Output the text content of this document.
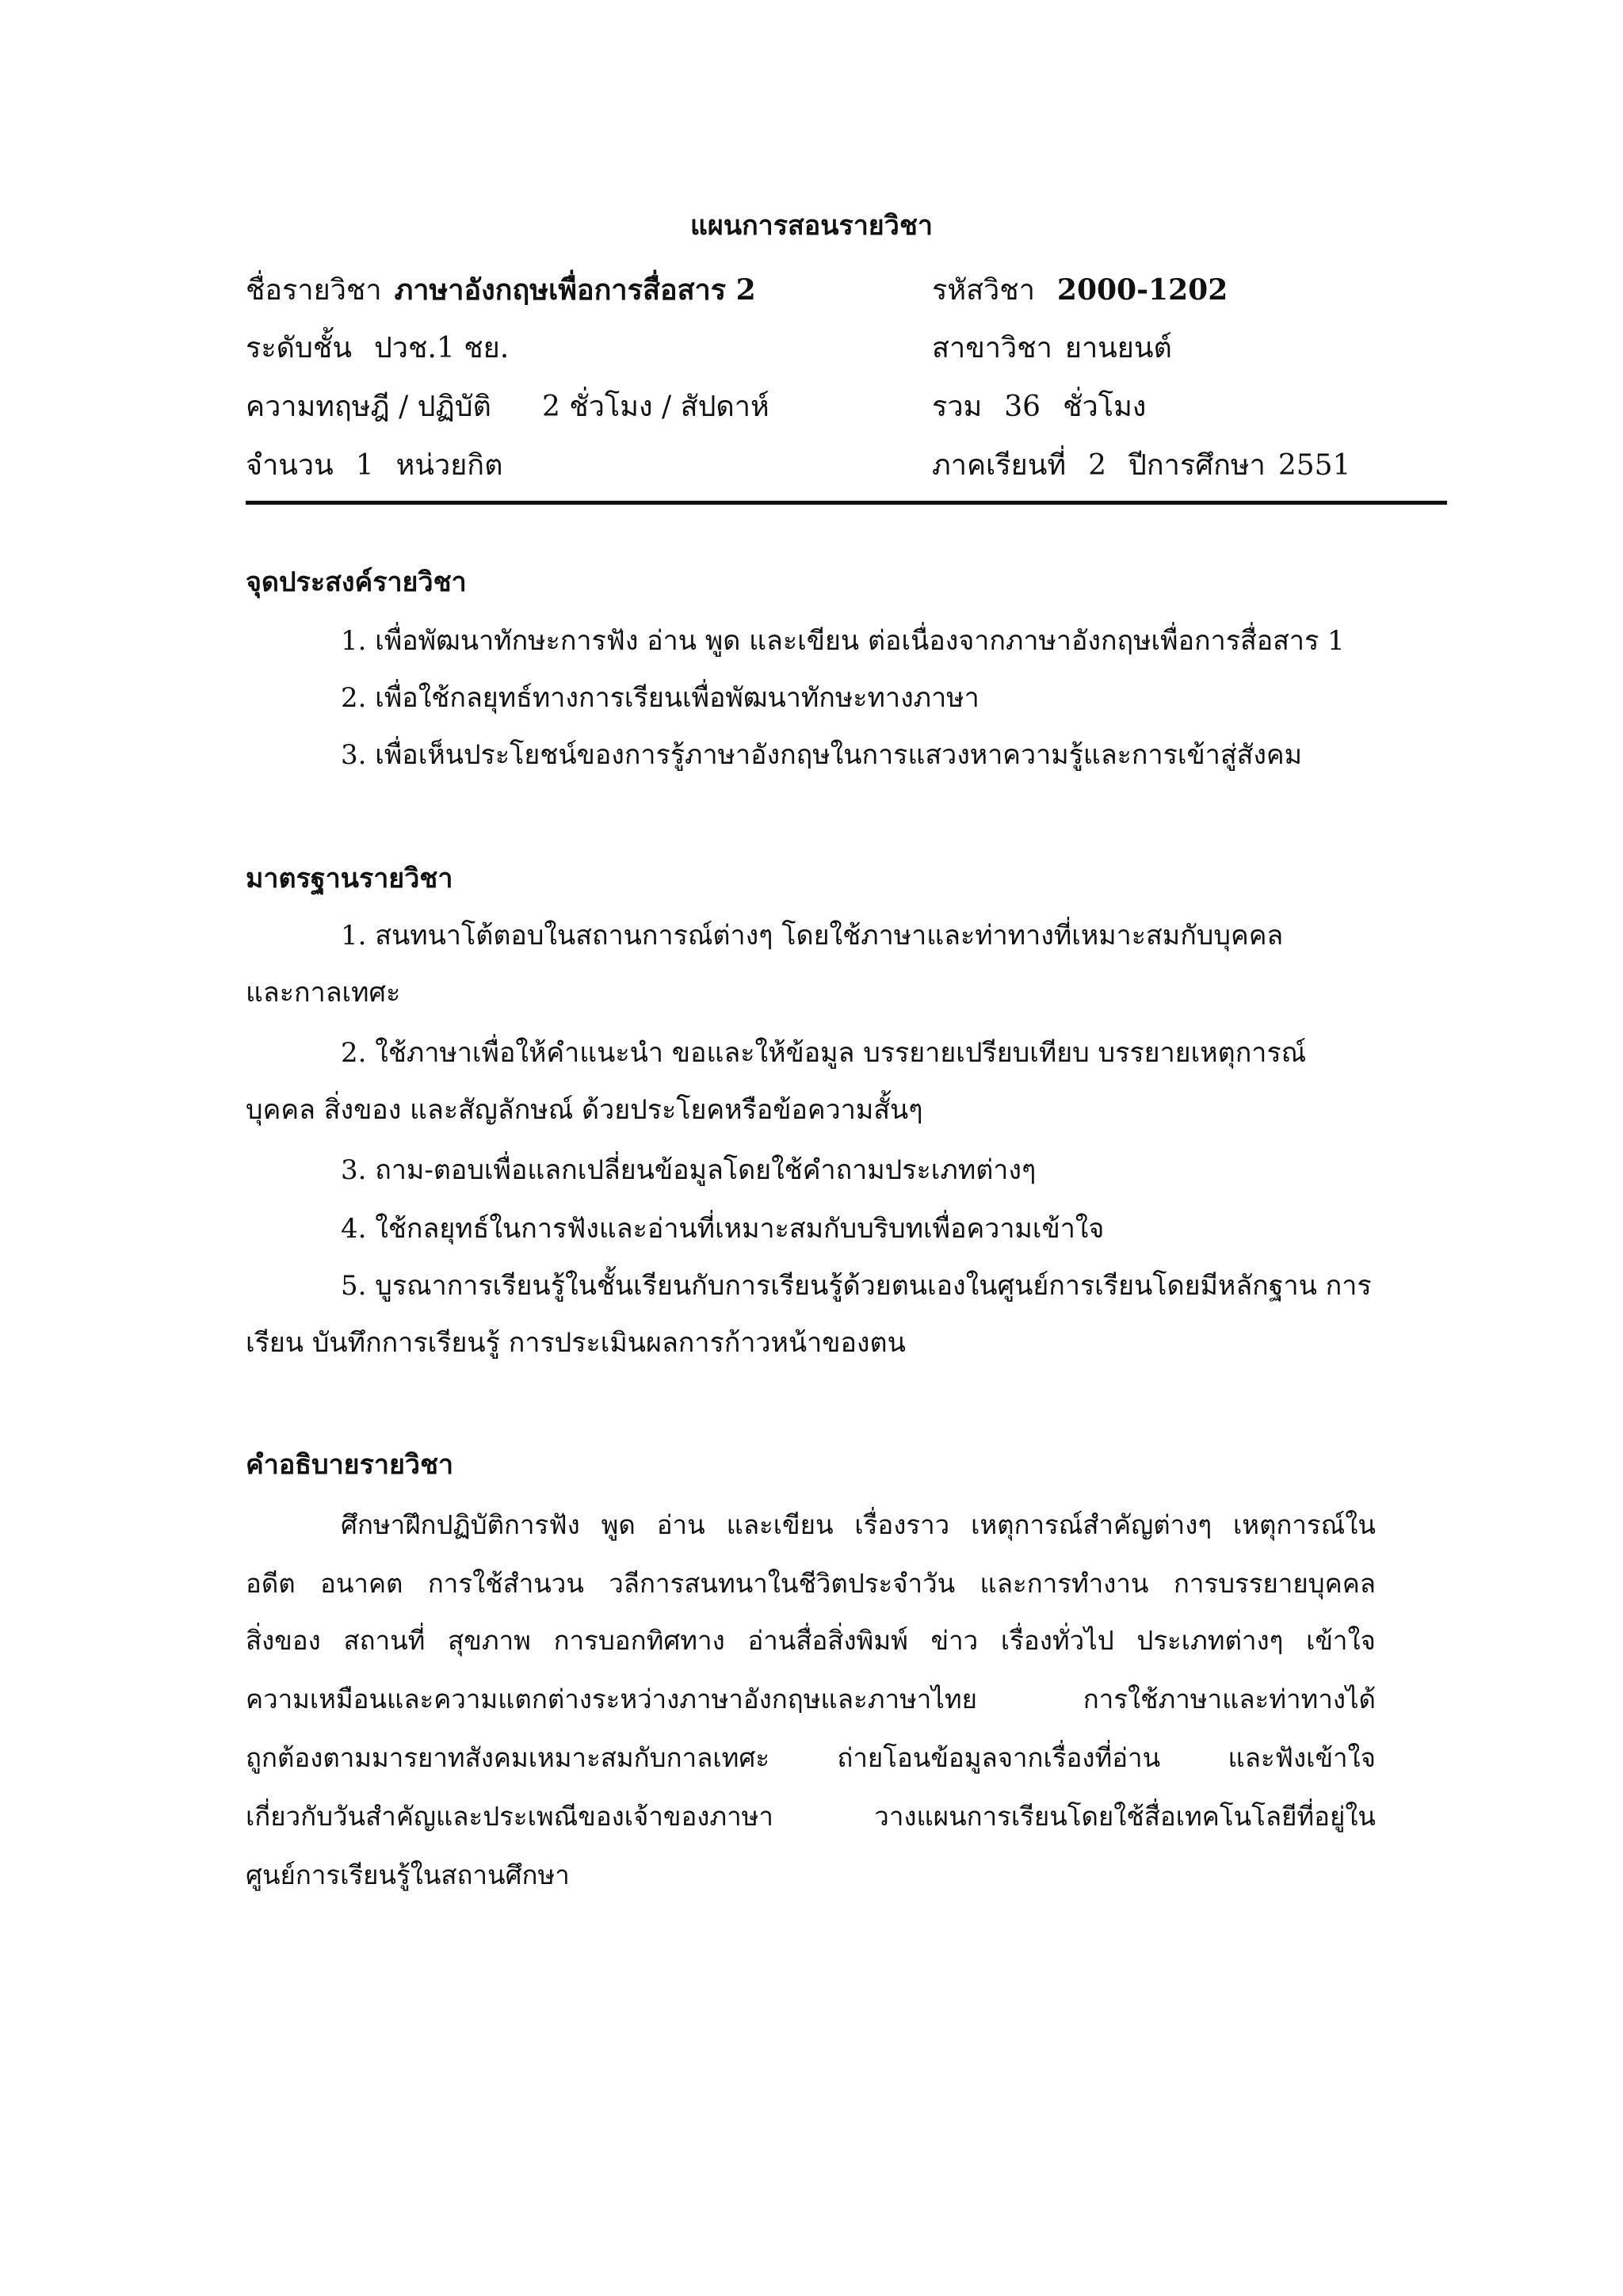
แผนการสอนรายวิชา
ชื่อรายวิชา ภาษาอังกฤษเพื่อการสื่อสาร 2	รหัสวิชา 2000-1202
ระดับชั้น ปวช.1 ชย.	สาขาวิชา ยานยนต์
ความทฤษฎี / ปฏิบัติ 2 ชั่วโมง / สัปดาห์	รวม 36 ชั่วโมง
จำนวน 1 หน่วยกิต	ภาคเรียนที่ 2 ปีการศึกษา 2551
จุดประสงค์รายวิชา
1. เพื่อพัฒนาทักษะการฟัง อ่าน พูด และเขียน ต่อเนื่องจากภาษาอังกฤษเพื่อการสื่อสาร 1
2. เพื่อใช้กลยุทธ์ทางการเรียนเพื่อพัฒนาทักษะทางภาษา
3. เพื่อเห็นประโยชน์ของการรู้ภาษาอังกฤษในการแสวงหาความรู้และการเข้าสู่สังคม
มาตรฐานรายวิชา
1. สนทนาโต้ตอบในสถานการณ์ต่างๆ โดยใช้ภาษาและท่าทางที่เหมาะสมกับบุคคล
และกาลเทศะ
2. ใช้ภาษาเพื่อให้คำแนะนำ ขอและให้ข้อมูล บรรยายเปรียบเทียบ บรรยายเหตุการณ์
บุคคล สิ่งของ และสัญลักษณ์ ด้วยประโยคหรือข้อความสั้นๆ
3. ถาม-ตอบเพื่อแลกเปลี่ยนข้อมูลโดยใช้คำถามประเภทต่างๆ
4. ใช้กลยุทธ์ในการฟังและอ่านที่เหมาะสมกับบริบทเพื่อความเข้าใจ
5. บูรณาการเรียนรู้ในชั้นเรียนกับการเรียนรู้ด้วยตนเองในศูนย์การเรียนโดยมีหลักฐาน การ
เรียน บันทึกการเรียนรู้ การประเมินผลการก้าวหน้าของตน
คำอธิบายรายวิชา
ศึกษาฝึกปฏิบัติการฟัง พูด อ่าน และเขียน เรื่องราว เหตุการณ์สำคัญต่างๆ เหตุการณ์ใน
อดีต อนาคต การใช้สำนวน วลีการสนทนาในชีวิตประจำวัน และการทำงาน การบรรยายบุคคล
สิ่งของ สถานที่ สุขภาพ การบอกทิศทาง อ่านสื่อสิ่งพิมพ์ ข่าว เรื่องทั่วไป ประเภทต่างๆ เข้าใจ
ความเหมือนและความแตกต่างระหว่างภาษาอังกฤษและภาษาไทย	การใช้ภาษาและท่าทางได้
ถูกต้องตามมารยาทสังคมเหมาะสมกับกาลเทศะ	ถ่ายโอนข้อมูลจากเรื่องที่อ่าน	และฟังเข้าใจ
เกี่ยวกับวันสำคัญและประเพณีของเจ้าของภาษา	วางแผนการเรียนโดยใช้สื่อเทคโนโลยีที่อยู่ใน
ศูนย์การเรียนรู้ในสถานศึกษา
